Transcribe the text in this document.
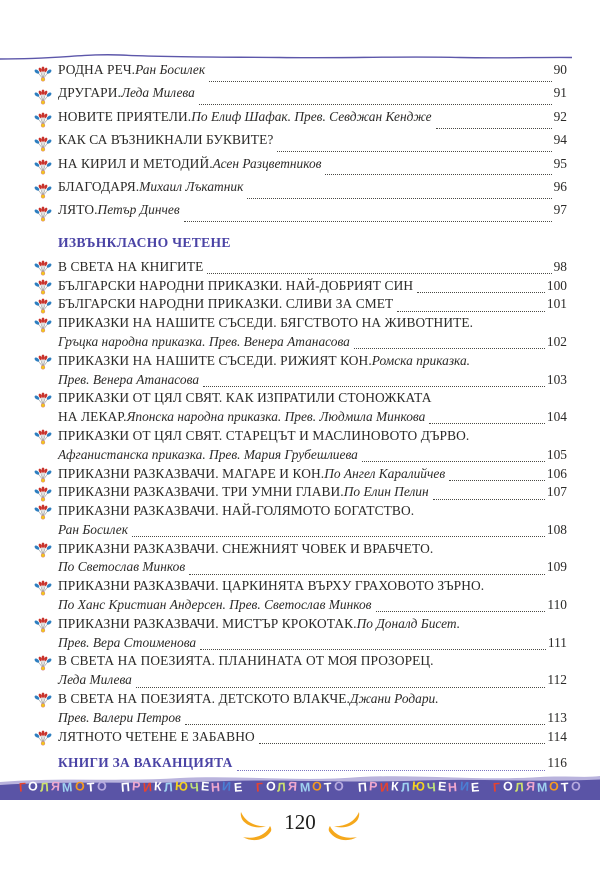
РОДНА РЕЧ. Ран Босилек	90
ДРУГАРИ. Леда Милева	91
НОВИТЕ ПРИЯТЕЛИ. По Елиф Шафак. Прев. Севджан Кендже	92
КАК СА ВЪЗНИКНАЛИ БУКВИТЕ?	94
НА КИРИЛ И МЕТОДИЙ. Асен Разцветников	95
БЛАГОДАРЯ. Михаил Лъкатник	96
ЛЯТО. Петър Динчев	97
ИЗВЪНКЛАСНО ЧЕТЕНЕ
В СВЕТА НА КНИГИТЕ	98
БЪЛГАРСКИ НАРОДНИ ПРИКАЗКИ. НАЙ-ДОБРИЯТ СИН	100
БЪЛГАРСКИ НАРОДНИ ПРИКАЗКИ. СЛИВИ ЗА СМЕТ	101
ПРИКАЗКИ НА НАШИТЕ СЪСЕДИ. БЯГСТВОТО НА ЖИВОТНИТЕ.
Гръцка народна приказка. Прев. Венера Атанасова	102
ПРИКАЗКИ НА НАШИТЕ СЪСЕДИ. РИЖИЯТ КОН. Ромска приказка.
Прев. Венера Атанасова	103
ПРИКАЗКИ ОТ ЦЯЛ СВЯТ. КАК ИЗПРАТИЛИ СТОНОЖКАТА
НА ЛЕКАР. Японска народна приказка. Прев. Людмила Минкова	104
ПРИКАЗКИ ОТ ЦЯЛ СВЯТ. СТАРЕЦЪТ И МАСЛИНОВОТО ДЪРВО.
Афганистанска приказка. Прев. Мария Грубешлиева	105
ПРИКАЗНИ РАЗКАЗВАЧИ. МАГАРЕ И КОН. По Ангел Каралийчев	106
ПРИКАЗНИ РАЗКАЗВАЧИ. ТРИ УМНИ ГЛАВИ. По Елин Пелин	107
ПРИКАЗНИ РАЗКАЗВАЧИ. НАЙ-ГОЛЯМОТО БОГАТСТВО.
Ран Босилек	108
ПРИКАЗНИ РАЗКАЗВАЧИ. СНЕЖНИЯТ ЧОВЕК И ВРАБЧЕТО.
По Светослав Минков	109
ПРИКАЗНИ РАЗКАЗВАЧИ. ЦАРКИНЯТА ВЪРХУ ГРАХОВОТО ЗЪРНО.
По Ханс Кристиан Андерсен. Прев. Светослав Минков	110
ПРИКАЗНИ РАЗКАЗВАЧИ. МИСТЪР КРОКОТАК. По Доналд Бисет.
Прев. Вера Стоименова	111
В СВЕТА НА ПОЕЗИЯТА. ПЛАНИНАТА ОТ МОЯ ПРОЗОРЕЦ.
Леда Милева	112
В СВЕТА НА ПОЕЗИЯТА. ДЕТСКОТО ВЛАКЧЕ. Джани Родари.
Прев. Валери Петров	113
ЛЯТНОТО ЧЕТЕНЕ Е ЗАБАВНО	114
КНИГИ ЗА ВАКАНЦИЯТА	116
Г О Л Я М О Т О П Р И К Л Ю Ч Е Н И Е Г О Л Я М О Т О П Р И К Л Ю Ч Е Н И Е Г О Л Я М О Т О
120
